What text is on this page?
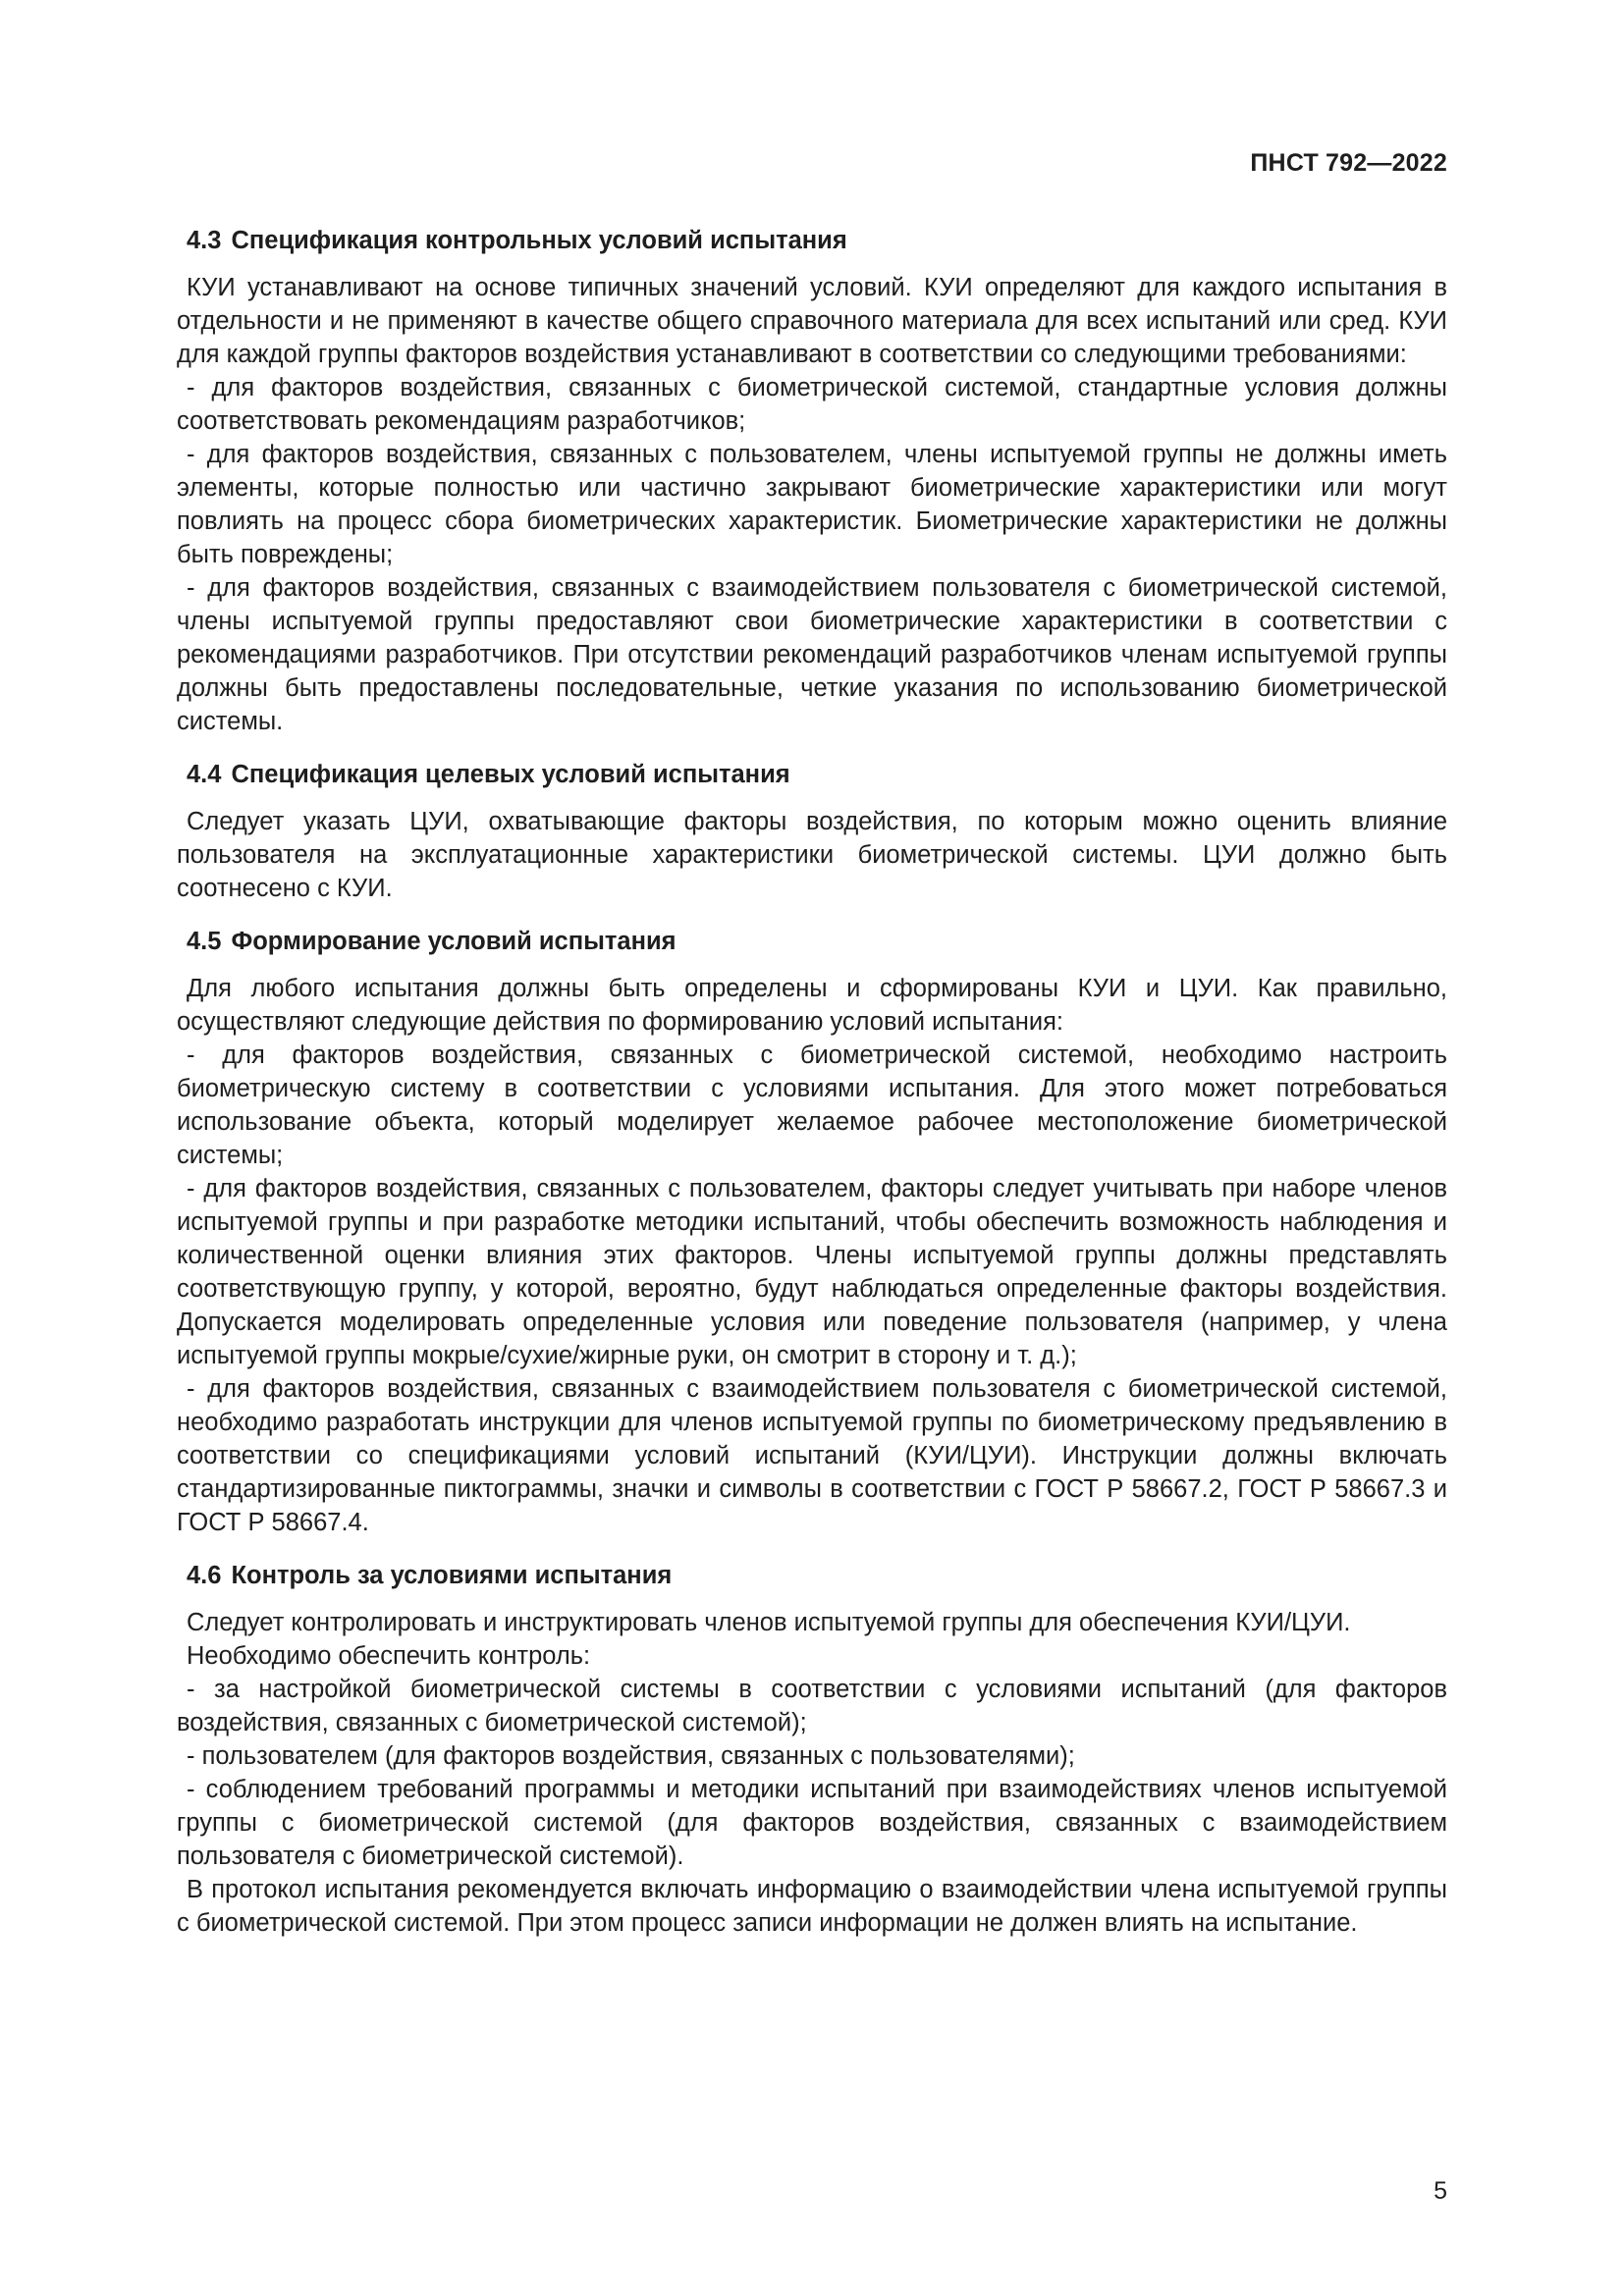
ПНСТ 792—2022
4.3 Спецификация контрольных условий испытания

КУИ устанавливают на основе типичных значений условий. КУИ определяют для каждого испытания в отдельности и не применяют в качестве общего справочного материала для всех испытаний или сред. КУИ для каждой группы факторов воздействия устанавливают в соответствии со следующими требованиями:

- для факторов воздействия, связанных с биометрической системой, стандартные условия должны соответствовать рекомендациям разработчиков;

- для факторов воздействия, связанных с пользователем, члены испытуемой группы не должны иметь элементы, которые полностью или частично закрывают биометрические характеристики или могут повлиять на процесс сбора биометрических характеристик. Биометрические характеристики не должны быть повреждены;

- для факторов воздействия, связанных с взаимодействием пользователя с биометрической системой, члены испытуемой группы предоставляют свои биометрические характеристики в соответствии с рекомендациями разработчиков. При отсутствии рекомендаций разработчиков членам испытуемой группы должны быть предоставлены последовательные, четкие указания по использованию биометрической системы.

4.4 Спецификация целевых условий испытания

Следует указать ЦУИ, охватывающие факторы воздействия, по которым можно оценить влияние пользователя на эксплуатационные характеристики биометрической системы. ЦУИ должно быть соотнесено с КУИ.

4.5 Формирование условий испытания

Для любого испытания должны быть определены и сформированы КУИ и ЦУИ. Как правильно, осуществляют следующие действия по формированию условий испытания:

- для факторов воздействия, связанных с биометрической системой, необходимо настроить биометрическую систему в соответствии с условиями испытания. Для этого может потребоваться использование объекта, который моделирует желаемое рабочее местоположение биометрической системы;

- для факторов воздействия, связанных с пользователем, факторы следует учитывать при наборе членов испытуемой группы и при разработке методики испытаний, чтобы обеспечить возможность наблюдения и количественной оценки влияния этих факторов. Члены испытуемой группы должны представлять соответствующую группу, у которой, вероятно, будут наблюдаться определенные факторы воздействия. Допускается моделировать определенные условия или поведение пользователя (например, у члена испытуемой группы мокрые/сухие/жирные руки, он смотрит в сторону и т. д.);

- для факторов воздействия, связанных с взаимодействием пользователя с биометрической системой, необходимо разработать инструкции для членов испытуемой группы по биометрическому предъявлению в соответствии со спецификациями условий испытаний (КУИ/ЦУИ). Инструкции должны включать стандартизированные пиктограммы, значки и символы в соответствии с ГОСТ Р 58667.2, ГОСТ Р 58667.3 и ГОСТ Р 58667.4.

4.6 Контроль за условиями испытания

Следует контролировать и инструктировать членов испытуемой группы для обеспечения КУИ/ЦУИ.

Необходимо обеспечить контроль:

- за настройкой биометрической системы в соответствии с условиями испытаний (для факторов воздействия, связанных с биометрической системой);

- пользователем (для факторов воздействия, связанных с пользователями);

- соблюдением требований программы и методики испытаний при взаимодействиях членов испытуемой группы с биометрической системой (для факторов воздействия, связанных с взаимодействием пользователя с биометрической системой).

В протокол испытания рекомендуется включать информацию о взаимодействии члена испытуемой группы с биометрической системой. При этом процесс записи информации не должен влиять на испытание.

5
